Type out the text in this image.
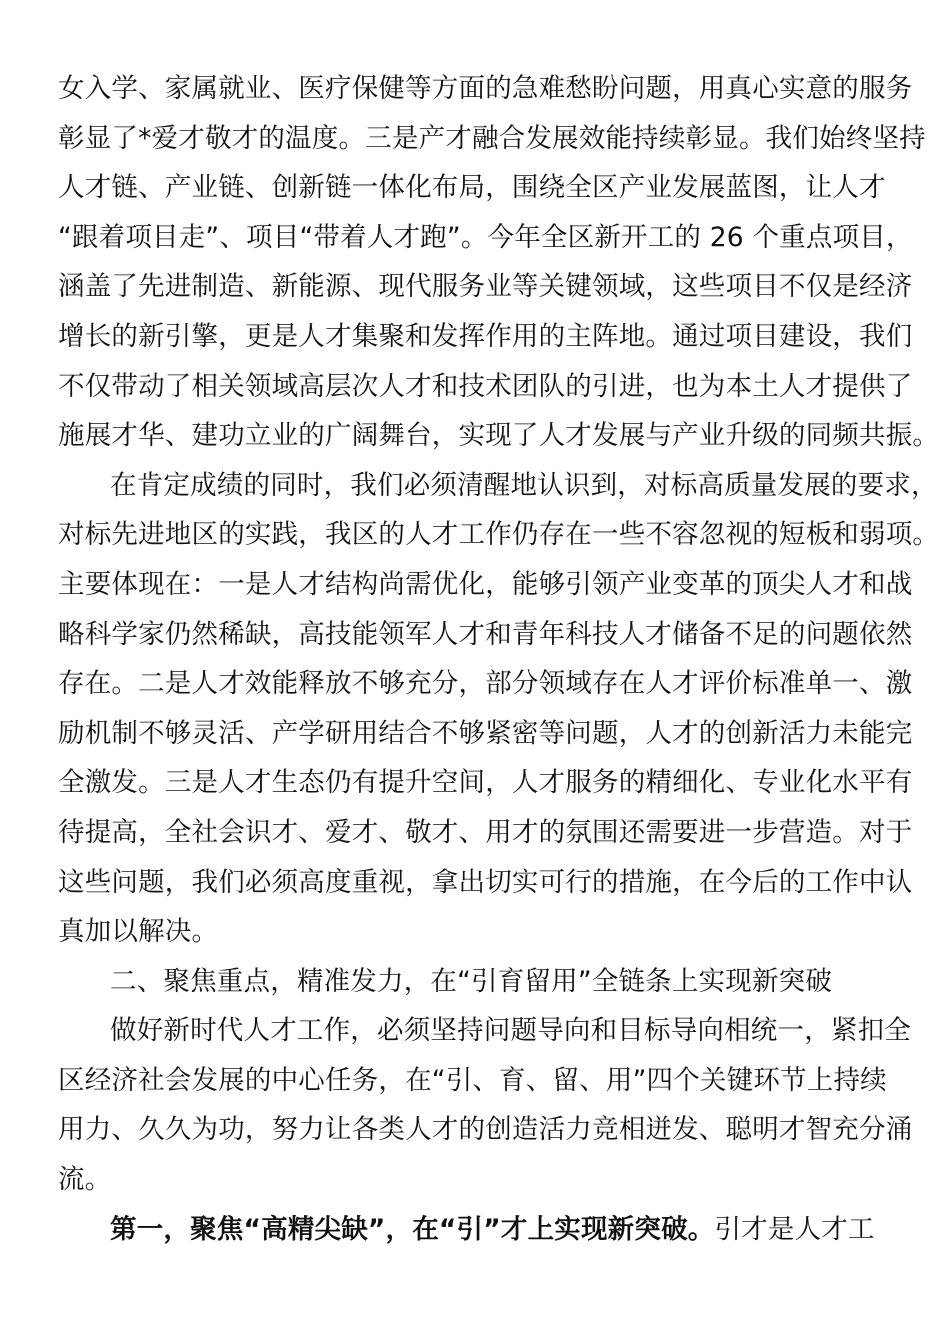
女入学、家属就业、医疗保健等方面的急难愁盼问题，用真心实意的服务
彰显了*爱才敬才的温度。三是产才融合发展效能持续彰显。我们始终坚持
人才链、产业链、创新链一体化布局，围绕全区产业发展蓝图，让人才
“跟着项目走”、项目“带着人才跑”。今年全区新开工的 26 个重点项目，
涵盖了先进制造、新能源、现代服务业等关键领域，这些项目不仅是经济
增长的新引擎，更是人才集聚和发挥作用的主阵地。通过项目建设，我们
不仅带动了相关领域高层次人才和技术团队的引进，也为本土人才提供了
施展才华、建功立业的广阔舞台，实现了人才发展与产业升级的同频共振。
在肯定成绩的同时，我们必须清醒地认识到，对标高质量发展的要求，
对标先进地区的实践，我区的人才工作仍存在一些不容忽视的短板和弱项。
主要体现在：一是人才结构尚需优化，能够引领产业变革的顶尖人才和战
略科学家仍然稀缺，高技能领军人才和青年科技人才储备不足的问题依然
存在。二是人才效能释放不够充分，部分领域存在人才评价标准单一、激
励机制不够灵活、产学研用结合不够紧密等问题，人才的创新活力未能完
全激发。三是人才生态仍有提升空间，人才服务的精细化、专业化水平有
待提高，全社会识才、爱才、敬才、用才的氛围还需要进一步营造。对于
这些问题，我们必须高度重视，拿出切实可行的措施，在今后的工作中认
真加以解决。
二、聚焦重点，精准发力，在“引育留用”全链条上实现新突破
做好新时代人才工作，必须坚持问题导向和目标导向相统一，紧扣全
区经济社会发展的中心任务，在“引、育、留、用”四个关键环节上持续
用力、久久为功，努力让各类人才的创造活力竞相迸发、聪明才智充分涌
流。
第一，聚焦“高精尖缺”，在“引”才上实现新突破。引才是人才工
